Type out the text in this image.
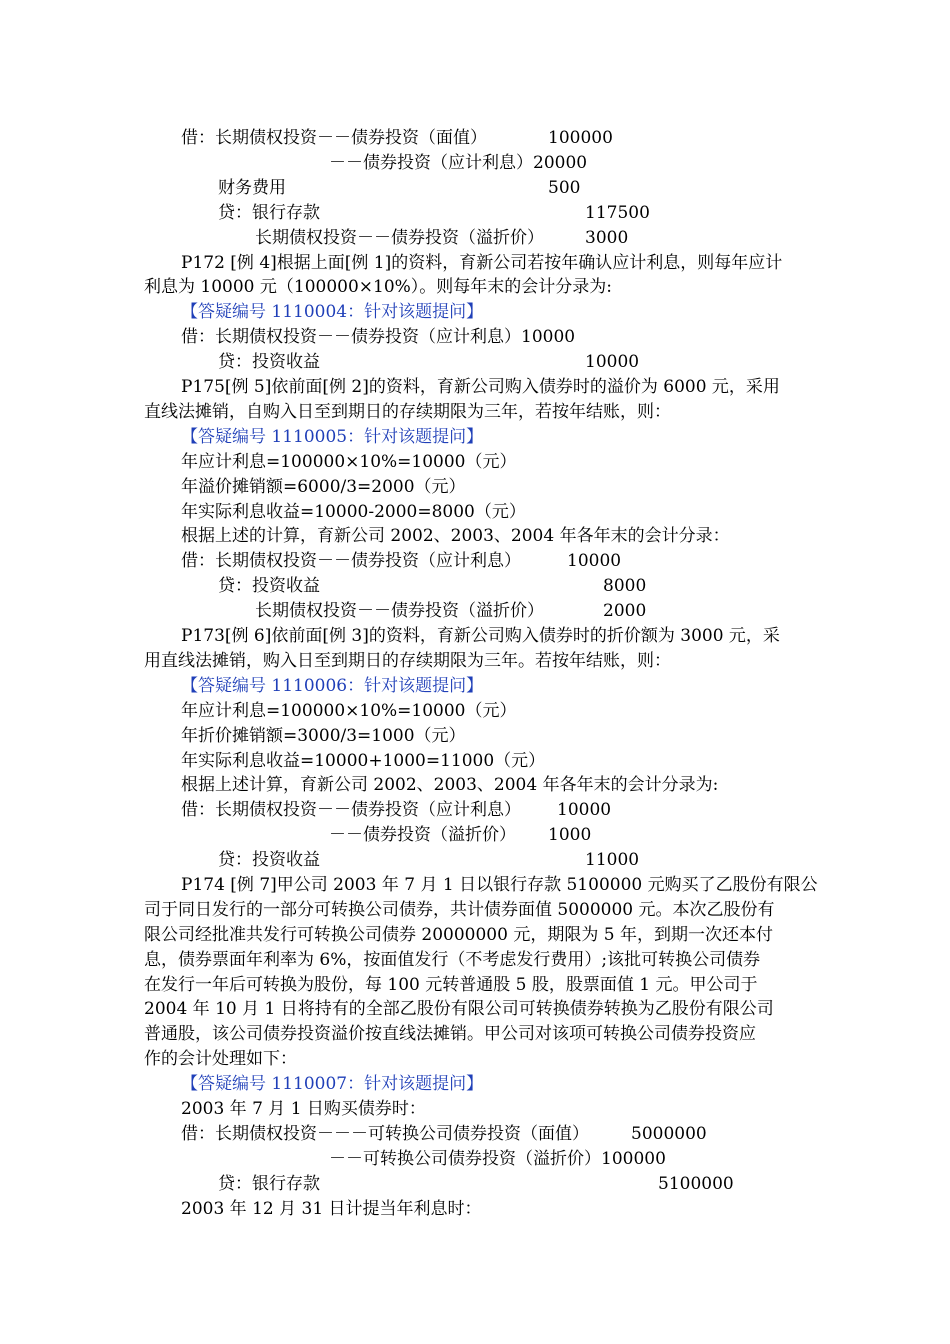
借：长期债权投资－－债券投资（面值）	100000
－－债券投资（应计利息）20000
财务费用	500
贷：银行存款	117500
长期债权投资－－债券投资（溢折价） 3000
P172 [例 4]根据上面[例 1]的资料，育新公司若按年确认应计利息，则每年应计
利息为 10000 元（100000×10%）。则每年末的会计分录为:
【答疑编号 1110004：针对该题提问】
借：长期债权投资－－债券投资（应计利息）10000
贷：投资收益	10000
P175[例 5]依前面[例 2]的资料，育新公司购入债券时的溢价为 6000 元，采用
直线法摊销，自购入日至到期日的存续期限为三年，若按年结账，则：
【答疑编号 1110005：针对该题提问】
年应计利息=100000×10%=10000（元）
年溢价摊销额=6000/3=2000（元）
年实际利息收益=10000-2000=8000（元）
根据上述的计算，育新公司 2002、2003、2004 年各年末的会计分录：
借：长期债权投资－－债券投资（应计利息）	10000
贷：投资收益	8000
长期债权投资－－债券投资（溢折价）	2000
P173[例 6]依前面[例 3]的资料，育新公司购入债券时的折价额为 3000 元，采
用直线法摊销，购入日至到期日的存续期限为三年。若按年结账，则：
【答疑编号 1110006：针对该题提问】
年应计利息=100000×10%=10000（元）
年折价摊销额=3000/3=1000（元）
年实际利息收益=10000+1000=11000（元）
根据上述计算，育新公司 2002、2003、2004 年各年末的会计分录为:
借：长期债权投资－－债券投资（应计利息） 10000
－－债券投资（溢折价） 1000
贷：投资收益	11000
P174 [例 7]甲公司 2003 年 7 月 1 日以银行存款 5100000 元购买了乙股份有限公
司于同日发行的一部分可转换公司债券，共计债券面值 5000000 元。本次乙股份有
限公司经批准共发行可转换公司债券 20000000 元，期限为 5 年，到期一次还本付
息，债券票面年利率为 6%，按面值发行（不考虑发行费用）;该批可转换公司债券
在发行一年后可转换为股份，每 100 元转普通股 5 股，股票面值 1 元。甲公司于
2004 年 10 月 1 日将持有的全部乙股份有限公司可转换债券转换为乙股份有限公司
普通股，该公司债券投资溢价按直线法摊销。甲公司对该项可转换公司债券投资应
作的会计处理如下：
【答疑编号 1110007：针对该题提问】
2003 年 7 月 1 日购买债券时：
借：长期债权投资－－－可转换公司债券投资（面值） 5000000
－－可转换公司债券投资（溢折价）100000
贷：银行存款	5100000
2003 年 12 月 31 日计提当年利息时：
